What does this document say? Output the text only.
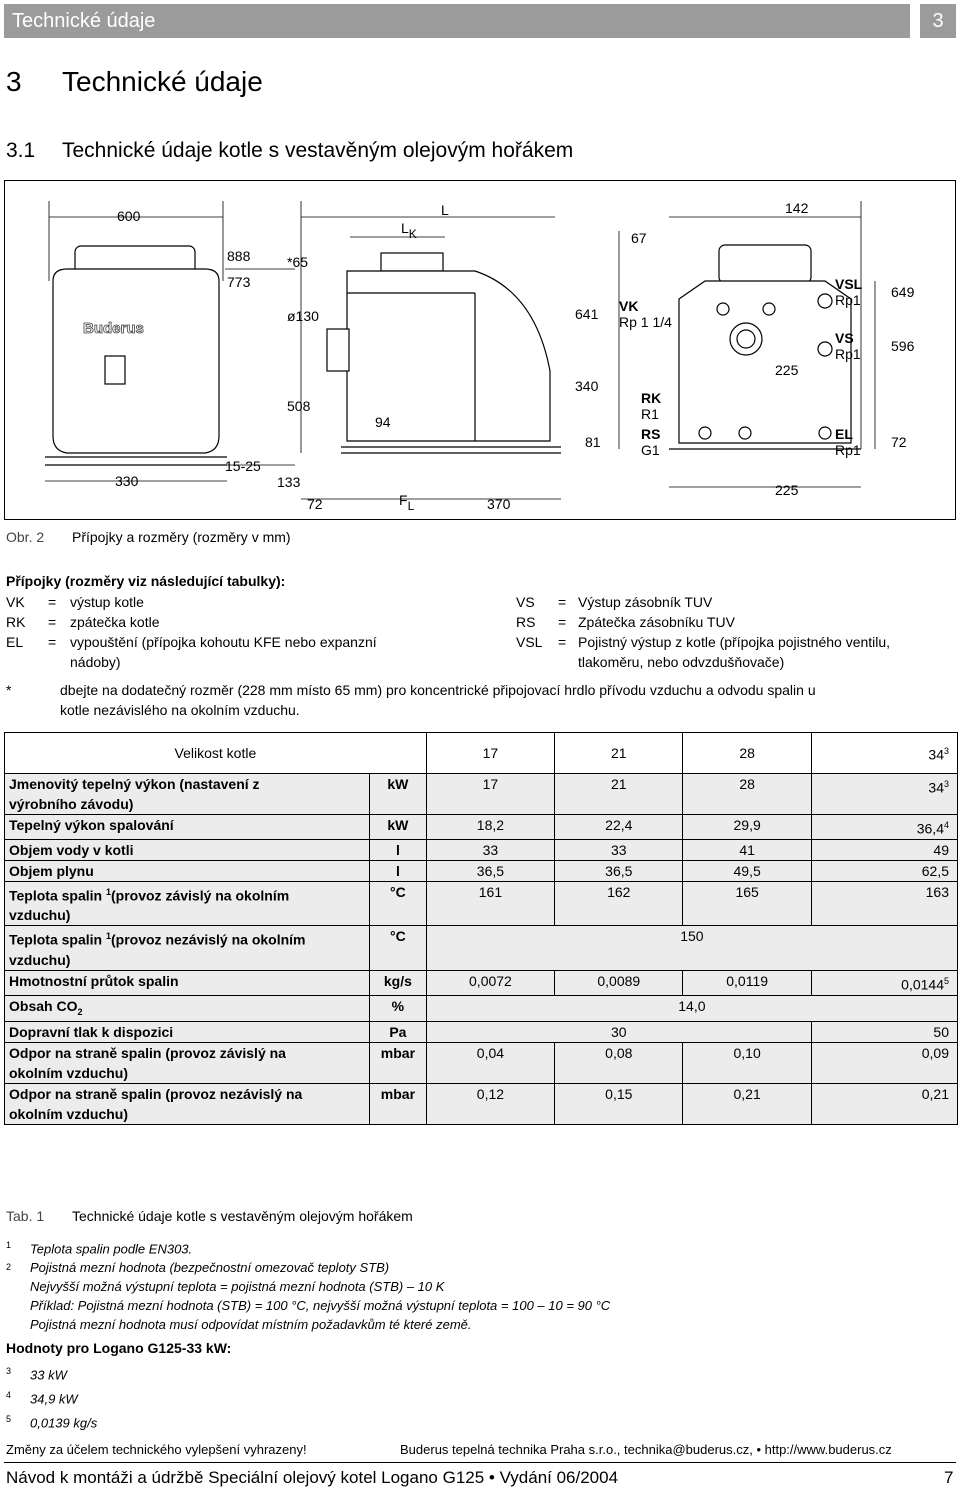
Technické údaje	3
3 Technické údaje
3.1 Technické údaje kotle s vestavěným olejovým hořákem
600
888
773
*65
ø130
508
15-25
330	133
72
94
L
LK
FL	370
142
67
641
340
81
225
225
649
596
72
Buderus
VK
Rp 1 1/4
RK
R1
RS
G1
VSL
Rp1
VS
Rp1
EL
Rp1
Obr. 2 Přípojky a rozměry (rozměry v mm)
Přípojky (rozměry viz následující tabulky):
VK	= výstup kotle
RK	= zpátečka kotle
EL	= vypouštění (přípojka kohoutu KFE nebo expanzní
nádoby)
VS	= Výstup zásobník TUV
RS	= Zpátečka zásobníku TUV
VSL	= Pojistný výstup z kotle (přípojka pojistného ventilu,
tlakoměru, nebo odvzdušňovače)
*	dbejte na dodatečný rozměr (228 mm místo 65 mm) pro koncentrické připojovací hrdlo přívodu vzduchu a odvodu spalin u
kotle nezávislého na okolním vzduchu.
Velikost kotle		17	21	28	$34^3$
Jmenovitý tepelný výkon (nastavení z
výrobního závodu)	kW	17	21	28	$34^3$
Tepelný výkon spalování	kW	18,2	22,4	29,9	36,4$^4$
Objem vody v kotli	l	33	33	41	49
Objem plynu	l	36,5	36,5	49,5	62,5
Teplota spalin $^1$(provoz závislý na okolním
vzduchu)	°C	161	162	165	163
Teplota spalin $^1$(provoz nezávislý na okolním
vzduchu)	°C	150			
Hmotnostní průtok spalin	kg/s	0,0072	0,0089	0,0119	0,0144$^5$
Obsah $CO_2$	%	14,0			
Dopravní tlak k dispozici	Pa	30			50
Odpor na straně spalin (provoz závislý na
okolním vzduchu)	mbar	0,04	0,08	0,10	0,09
Odpor na straně spalin (provoz nezávislý na
okolním vzduchu)	mbar	0,12	0,15	0,21	0,21
Tab. 1 Technické údaje kotle s vestavěným olejovým hořákem
$^1$ Teplota spalin podle EN303.
$^2$ Pojistná mezní hodnota (bezpečnostní omezovač teploty STB)
Nejvyšší možná výstupní teplota = pojistná mezní hodnota (STB) – 10 K
Příklad: Pojistná mezní hodnota (STB) = 100 °C, nejvyšší možná výstupní teplota = 100 – 10 = 90 °C
Pojistná mezní hodnota musí odpovídat místním požadavkům té které země.
Hodnoty pro Logano G125-33 kW:
$^3$ 33 kW
$^4$ 34,9 kW
$^5$ 0,0139 kg/s
Změny za účelem technického vylepšení vyhrazeny!	Buderus tepelná technika Praha s.r.o., technika@buderus.cz, • http://www.buderus.cz
Návod k montáži a údržbě Speciální olejový kotel Logano G125 • Vydání 06/2004	7
